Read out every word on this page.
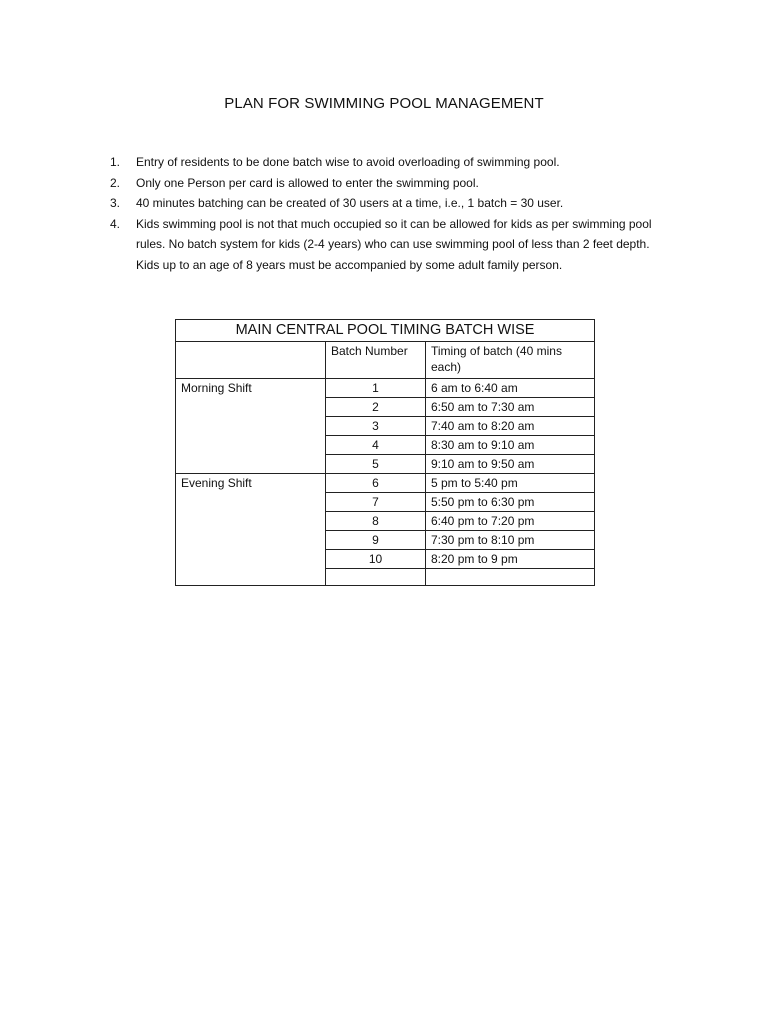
PLAN FOR SWIMMING POOL MANAGEMENT
1. Entry of residents to be done batch wise to avoid overloading of swimming pool.
2. Only one Person per card is allowed to enter the swimming pool.
3. 40 minutes batching can be created of 30 users at a time, i.e., 1 batch = 30 user.
4. Kids swimming pool is not that much occupied so it can be allowed for kids as per swimming pool rules. No batch system for kids (2-4 years) who can use swimming pool of less than 2 feet depth. Kids up to an age of 8 years must be accompanied by some adult family person.
MAIN CENTRAL POOL TIMING BATCH WISE		
	Batch Number	Timing of batch (40 mins each)
Morning Shift	1	6 am to 6:40 am
	2	6:50 am to 7:30 am
	3	7:40 am to 8:20 am
	4	8:30 am to 9:10 am
	5	9:10 am to 9:50 am
Evening Shift	6	5 pm to 5:40 pm
	7	5:50 pm to 6:30 pm
	8	6:40 pm to 7:20 pm
	9	7:30 pm to 8:10 pm
	10	8:20 pm to 9 pm
